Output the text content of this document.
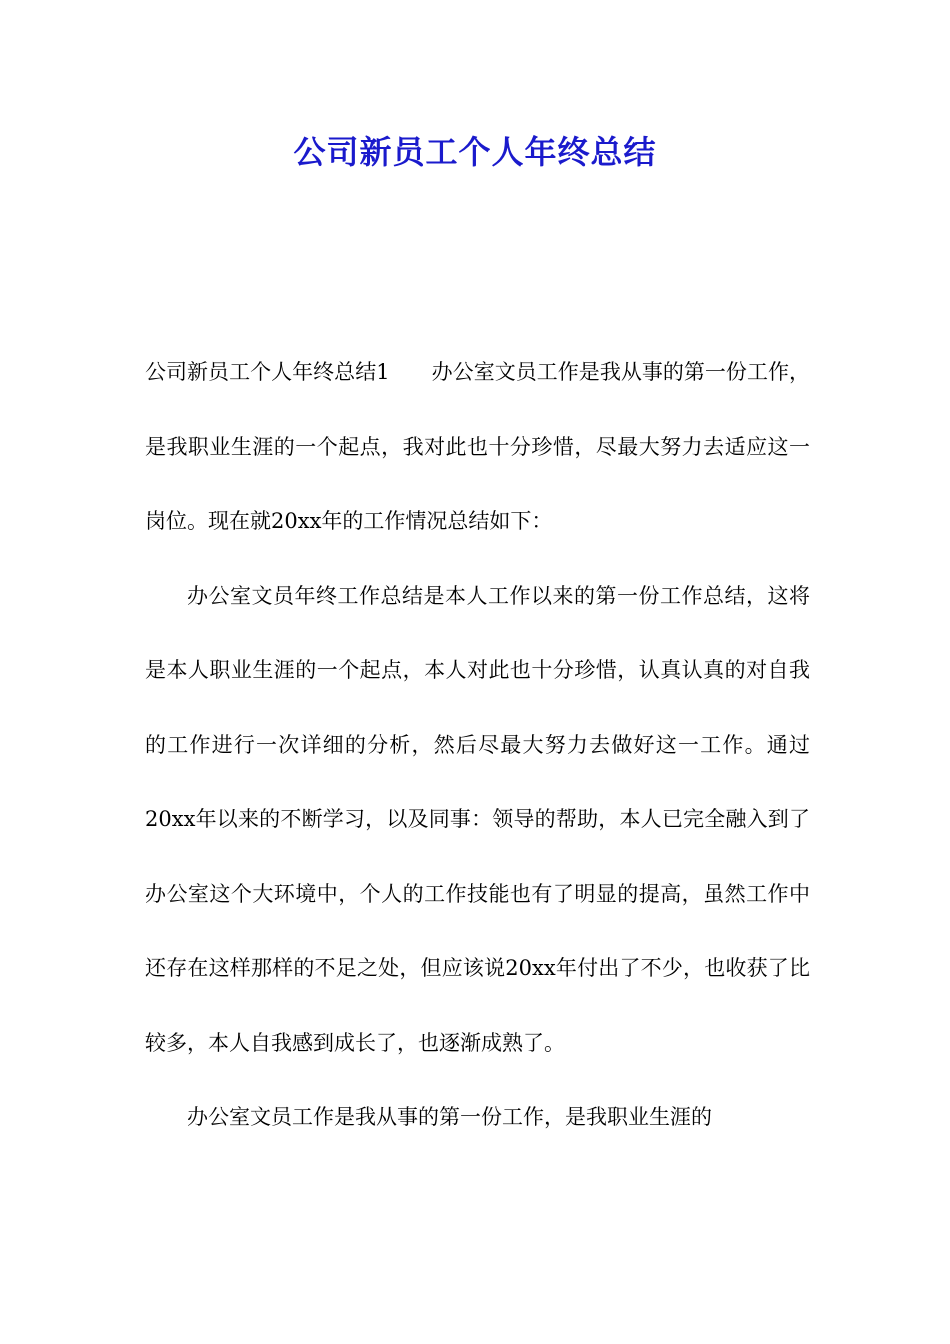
公司新员工个人年终总结

公司新员工个人年终总结1　　办公室文员工作是我从事的第一份工作，是我职业生涯的一个起点，我对此也十分珍惜，尽最大努力去适应这一岗位。现在就20xx年的工作情况总结如下：

办公室文员年终工作总结是本人工作以来的第一份工作总结，这将是本人职业生涯的一个起点，本人对此也十分珍惜，认真认真的对自我的工作进行一次详细的分析，然后尽最大努力去做好这一工作。通过20xx年以来的不断学习，以及同事：领导的帮助，本人已完全融入到了办公室这个大环境中，个人的工作技能也有了明显的提高，虽然工作中还存在这样那样的不足之处，但应该说20xx年付出了不少，也收获了比较多，本人自我感到成长了，也逐渐成熟了。

办公室文员工作是我从事的第一份工作，是我职业生涯的
